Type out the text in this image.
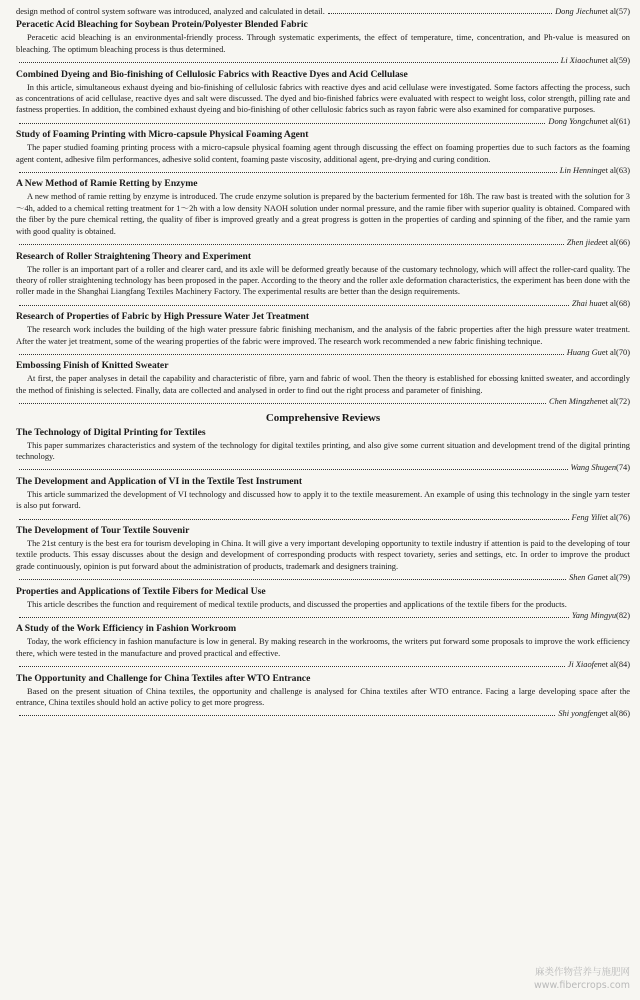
design method of control system software was introduced, analyzed and calculated in detail.	Dong Jiechun et al(57)
Peracetic Acid Bleaching for Soybean Protein/Polyester Blended Fabric

Peracetic acid bleaching is an environmental-friendly process. Through systematic experiments, the effect of temperature, time, concentration, and Ph-value is measured on bleaching. The optimum bleaching process is thus determined.

Li Xiaochun et al(59)
Combined Dyeing and Bio-finishing of Cellulosic Fabrics with Reactive Dyes and Acid Cellulase

In this article, simultaneous exhaust dyeing and bio-finishing of cellulosic fabrics with reactive dyes and acid cellulase were investigated. Some factors affecting the process, such as concentrations of acid cellulase, reactive dyes and salt were discussed. The dyed and bio-finished fabrics were evaluated with respect to weight loss, color strength, pilling rate and fastness properties. In addition, the combined exhaust dyeing and bio-finishing of other cellulosic fabrics such as rayon fabric were also examined for comparative purposes.

Dong Yongchun et al(61)
Study of Foaming Printing with Micro-capsule Physical Foaming Agent

The paper studied foaming printing process with a micro-capsule physical foaming agent through discussing the effect on foaming properties due to such factors as the foaming agent content, adhesive film performances, adhesive solid content, foaming paste viscosity, additional agent, pre-drying and curing condition.

Lin Henning et al(63)
A New Method of Ramie Retting by Enzyme

A new method of ramie retting by enzyme is introduced. The crude enzyme solution is prepared by the bacterium fermented for 18h. The raw bast is treated with the solution for 3～4h, added to a chemical retting treatment for 1～2h with a low density NAOH solution under normal pressure, and the ramie fiber with superior quality is obtained. Compared with the fiber by the pure chemical retting, the quality of fiber is improved greatly and a great progress is gotten in the properties of carding and spinning of the fiber, and the ramie yarn with good quality is obtained.

Zhen jiede et al(66)
Research of Roller Straightening Theory and Experiment

The roller is an important part of a roller and clearer card, and its axle will be deformed greatly because of the customary technology, which will affect the roller-card quality. The theory of roller straightening technology has been proposed in the paper. According to the theory and the roller axle deformation characteristics, the experiment has been done with the roller made in the Shanghai Liangfang Textiles Machinery Factory. The experimental results are better than the design requirements.

Zhai hua et al(68)
Research of Properties of Fabric by High Pressure Water Jet Treatment

The research work includes the building of the high water pressure fabric finishing mechanism, and the analysis of the fabric properties after the high pressure water treatment. After the water jet treatment, some of the wearing properties of the fabric were improved. The research work recommended a new fabric finishing technique.

Huang Gu et al(70)
Embossing Finish of Knitted Sweater

At first, the paper analyses in detail the capability and characteristic of fibre, yarn and fabric of wool. Then the theory is established for ebossing knitted sweater, and accordingly the method of finishing is selected. Finally, data are collected and analysed in order to find out the right process and parameter of finishing.

Chen Mingzhen et al(72)
Comprehensive Reviews
The Technology of Digital Printing for Textiles

This paper summarizes characteristics and system of the technology for digital textiles printing, and also give some current situation and development trend of the digital printing technology.

Wang Shugen (74)
The Development and Application of VI in the Textile Test Instrument

This article summarized the development of VI technology and discussed how to apply it to the textile measurement. An example of using this technology in the single yarn tester is also put forward.

Feng Yili et al(76)
The Development of Tour Textile Souvenir

The 21st century is the best era for tourism developing in China. It will give a very important developing opportunity to textile industry if attention is paid to the developing of tour textile products. This essay discusses about the design and development of corresponding products with respect tovariety, series and settings, etc. In order to improve the product grade continuously, opinion is put forward about the administration of products, trademark and designers training.

Shen Gan et al(79)
Properties and Applications of Textile Fibers for Medical Use

This article describes the function and requirement of medical textile products, and discussed the properties and applications of the textile fibers for the products.

Yang Mingyu (82)
A Study of the Work Efficiency in Fashion Workroom

Today, the work efficiency in fashion manufacture is low in general. By making research in the workrooms, the writers put forward some proposals to improve the work efficiency there, which were tested in the manufacture and proved practical and effective.

Ji Xiaofen et al(84)
The Opportunity and Challenge for China Textiles after WTO Entrance

Based on the present situation of China textiles, the opportunity and challenge is analysed for China textiles after WTO entrance. Facing a large developing space after the entrance, China textiles should hold an active policy to get more progress.

Shi yongfeng et al(86)
麻类作物营养与施肥网
www.fibercrops.com
